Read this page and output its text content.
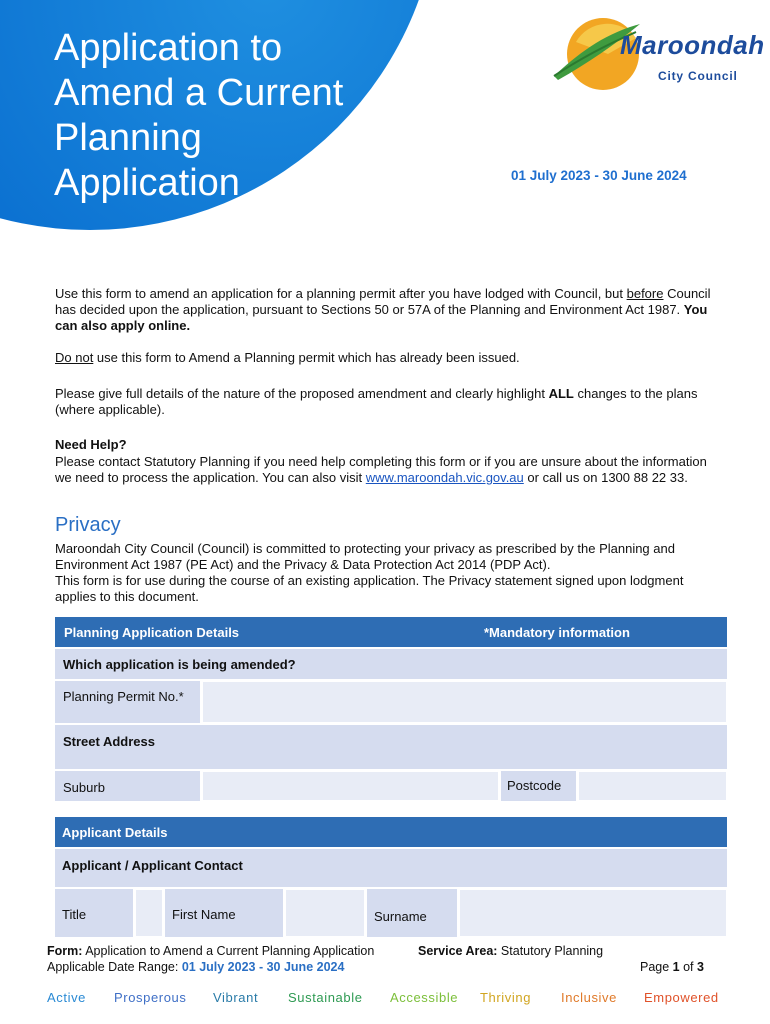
Application to
Amend a Current
Planning
Application
Maroondah
City Council
01 July 2023 - 30 June 2024
Use this form to amend an application for a planning permit after you have lodged with Council, but before Council has decided upon the application, pursuant to Sections 50 or 57A of the Planning and Environment Act 1987. You can also apply online.
Do not use this form to Amend a Planning permit which has already been issued.
Please give full details of the nature of the proposed amendment and clearly highlight ALL changes to the plans (where applicable).
Need Help?
Please contact Statutory Planning if you need help completing this form or if you are unsure about the information we need to process the application. You can also visit www.maroondah.vic.gov.au or call us on 1300 88 22 33.
Privacy
Maroondah City Council (Council) is committed to protecting your privacy as prescribed by the Planning and Environment Act 1987 (PE Act) and the Privacy & Data Protection Act 2014 (PDP Act).
This form is for use during the course of an existing application. The Privacy statement signed upon lodgment applies to this document.
Planning Application Details	*Mandatory information
Which application is being amended?
Planning Permit No.*
Street Address
Suburb	Postcode
Applicant Details
Applicant / Applicant Contact
Title	First Name	Surname
Form: Application to Amend a Current Planning Application	Service Area: Statutory Planning
Applicable Date Range: 01 July 2023 - 30 June 2024	Page 1 of 3
Active Prosperous Vibrant Sustainable Accessible Thriving Inclusive Empowered
